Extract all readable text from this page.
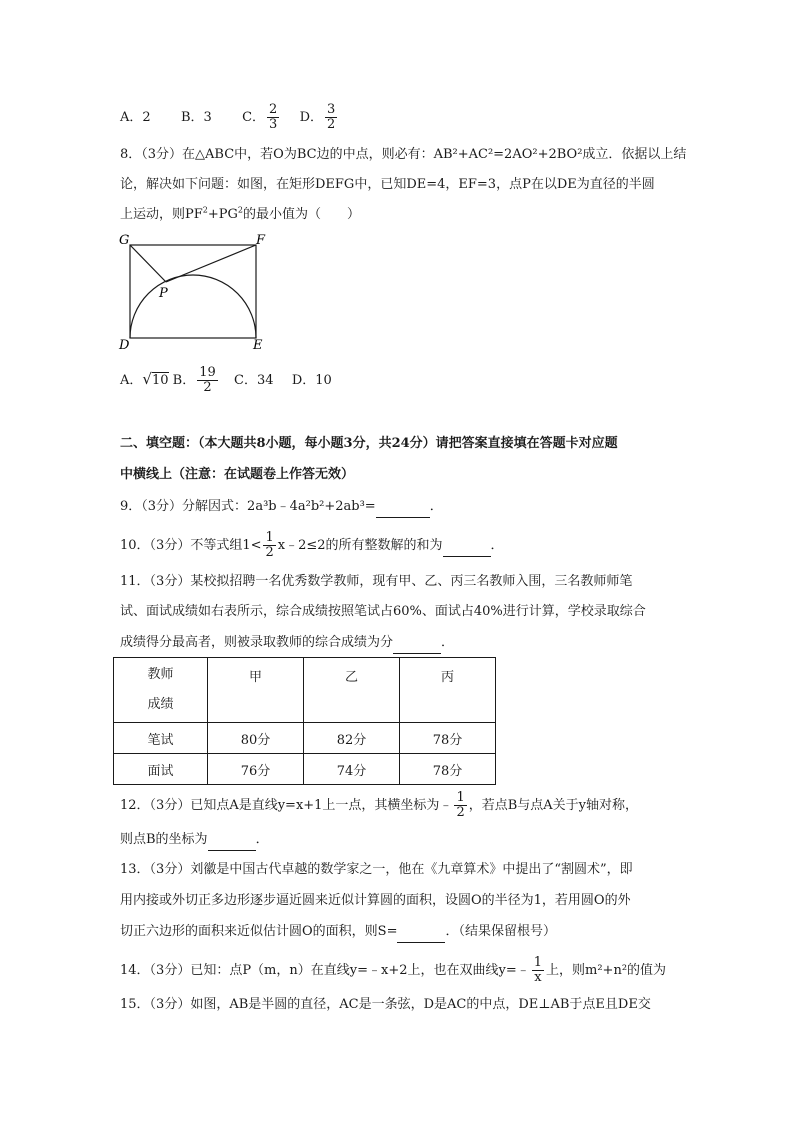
A．2 B．3 C． $\frac{2}{3}$ D． $\frac{3}{2}$
8．（3分）在△ABC中，若O为BC边的中点，则必有：AB²+AC²=2AO²+2BO²成立．依据以上结
论，解决如下问题：如图，在矩形DEFG中，已知DE=4，EF=3，点P在以DE为直径的半圆
上运动，则$PF^2+PG^2$的最小值为（　　）
G	F
P
D	E
A．√10 B． $\frac{19}{2}$ C．34 D．10
二、填空题：（本大题共8小题，每小题3分，共24分）请把答案直接填在答题卡对应题
中横线上（注意：在试题卷上作答无效）
9．（3分）分解因式：2a³b﹣4a²b²+2ab³=	．
10．（3分）不等式组$1< \frac{1}{2}$ x﹣2≤2的所有整数解的和为	．
11．（3分）某校拟招聘一名优秀数学教师，现有甲、乙、丙三名教师入围，三名教师师笔
试、面试成绩如右表所示，综合成绩按照笔试占60%、面试占40%进行计算，学校录取综合
成绩得分最高者，则被录取教师的综合成绩为分	．
教师
成绩	甲	乙	丙
笔试	80分	82分	78分
面试	76分	74分	78分
12．（3分）已知点A是直线y=x+1上一点，其横坐标为﹣ $\frac{1}{2}$ ，若点B与点A关于y轴对称，
则点B的坐标为	．
13．（3分）刘徽是中国古代卓越的数学家之一，他在《九章算术》中提出了“割圆术”，即
用内接或外切正多边形逐步逼近圆来近似计算圆的面积，设圆O的半径为1，若用圆O的外
切正六边形的面积来近似估计圆O的面积，则S=	．（结果保留根号）
14．（3分）已知：点P（m，n）在直线y=﹣x+2上，也在双曲线y=﹣ $\frac{1}{x}$ 上，则m²+n²的值为
15．（3分）如图，AB是半圆的直径，AC是一条弦，D是AC的中点，DE⊥AB于点E且DE交
